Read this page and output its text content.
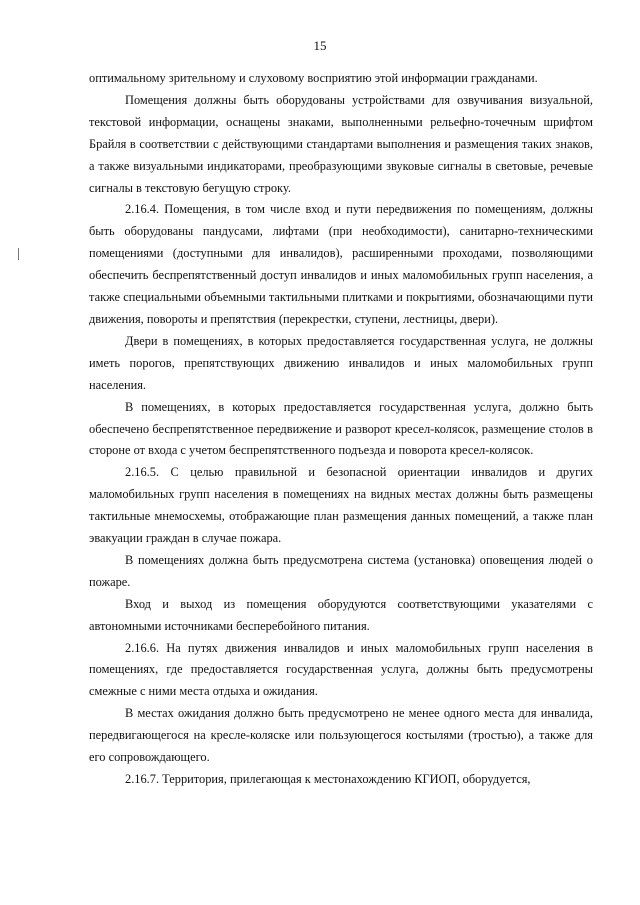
15

оптимальному зрительному и слуховому восприятию этой информации гражданами.

Помещения должны быть оборудованы устройствами для озвучивания визуальной, текстовой информации, оснащены знаками, выполненными рельефно-точечным шрифтом Брайля в соответствии с действующими стандартами выполнения и размещения таких знаков, а также визуальными индикаторами, преобразующими звуковые сигналы в световые, речевые сигналы в текстовую бегущую строку.

2.16.4. Помещения, в том числе вход и пути передвижения по помещениям, должны быть оборудованы пандусами, лифтами (при необходимости), санитарно-техническими помещениями (доступными для инвалидов), расширенными проходами, позволяющими обеспечить беспрепятственный доступ инвалидов и иных маломобильных групп населения, а также специальными объемными тактильными плитками и покрытиями, обозначающими пути движения, повороты и препятствия (перекрестки, ступени, лестницы, двери).

Двери в помещениях, в которых предоставляется государственная услуга, не должны иметь порогов, препятствующих движению инвалидов и иных маломобильных групп населения.

В помещениях, в которых предоставляется государственная услуга, должно быть обеспечено беспрепятственное передвижение и разворот кресел-колясок, размещение столов в стороне от входа с учетом беспрепятственного подъезда и поворота кресел-колясок.

2.16.5. С целью правильной и безопасной ориентации инвалидов и других маломобильных групп населения в помещениях на видных местах должны быть размещены тактильные мнемосхемы, отображающие план размещения данных помещений, а также план эвакуации граждан в случае пожара.

В помещениях должна быть предусмотрена система (установка) оповещения людей о пожаре.

Вход и выход из помещения оборудуются соответствующими указателями с автономными источниками бесперебойного питания.

2.16.6. На путях движения инвалидов и иных маломобильных групп населения в помещениях, где предоставляется государственная услуга, должны быть предусмотрены смежные с ними места отдыха и ожидания.

В местах ожидания должно быть предусмотрено не менее одного места для инвалида, передвигающегося на кресле-коляске или пользующегося костылями (тростью), а также для его сопровождающего.

2.16.7. Территория, прилегающая к местонахождению КГИОП, оборудуется,
